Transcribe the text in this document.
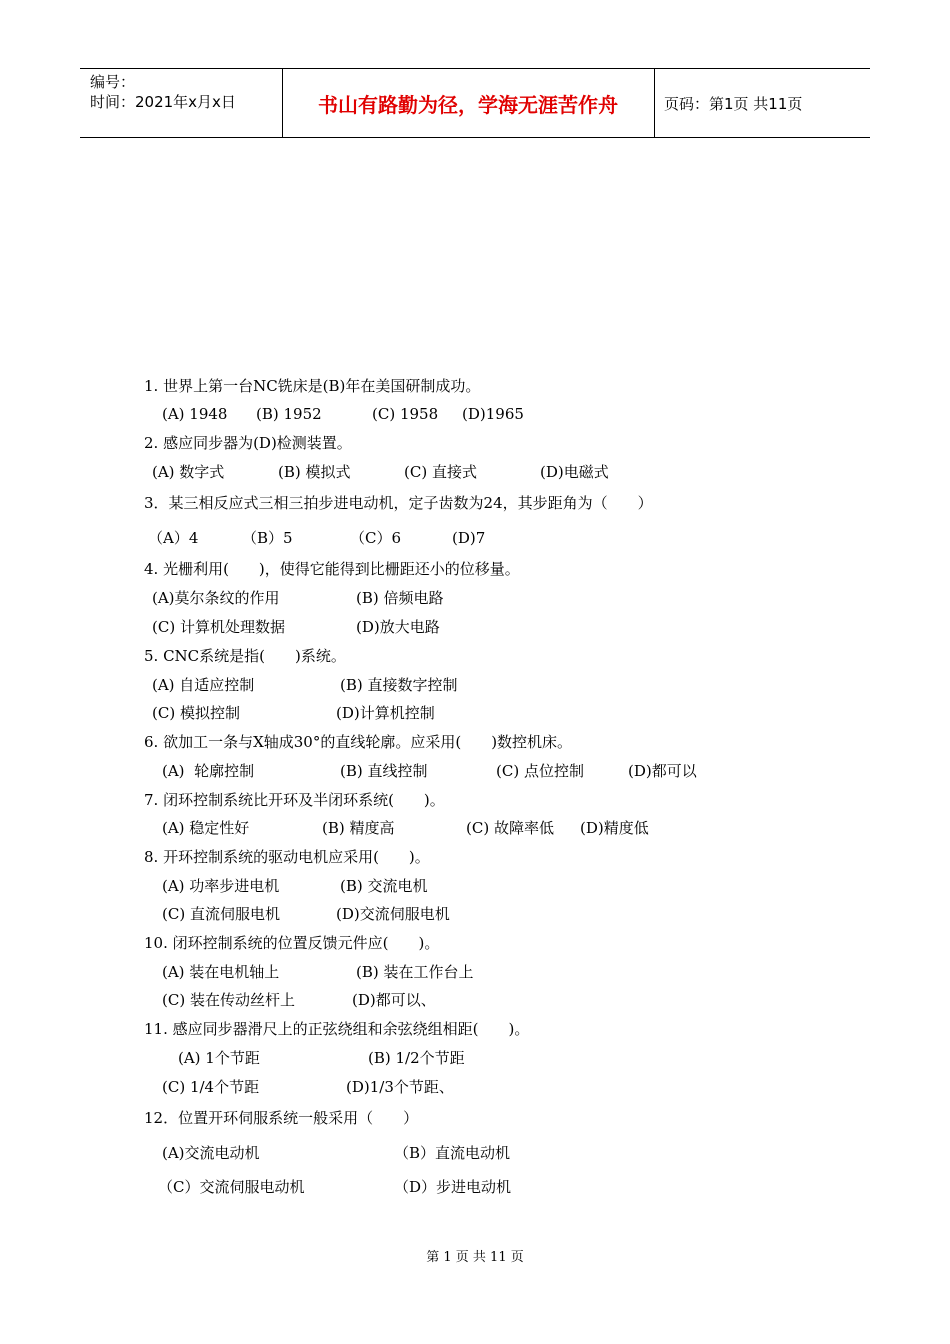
编号：
时间：2021年x月x日	书山有路勤为径，学海无涯苦作舟	页码：第1页 共11页
1. 世界上第一台NC铣床是(B)年在美国研制成功。
(A) 1948 (B) 1952	(C) 1958 (D)1965
2. 感应同步器为(D)检测装置。
(A) 数字式	(B) 模拟式	(C) 直接式	(D)电磁式
3．某三相反应式三相三拍步进电动机，定子齿数为24，其步距角为（　　）
（A）4	（B）5	（C）6	(D)7
4. 光栅利用(　　)，使得它能得到比栅距还小的位移量。
(A)莫尔条纹的作用	(B) 倍频电路
(C) 计算机处理数据	(D)放大电路
5. CNC系统是指(　　)系统。
(A) 自适应控制	(B) 直接数字控制
(C) 模拟控制	(D)计算机控制
6. 欲加工一条与X轴成30°的直线轮廓。应采用(　　)数控机床。
(A)  轮廓控制	(B) 直线控制	(C) 点位控制	(D)都可以
7. 闭环控制系统比开环及半闭环系统(　　)。
(A) 稳定性好	(B) 精度高	(C) 故障率低 (D)精度低
8. 开环控制系统的驱动电机应采用(　　)。
(A) 功率步进电机	(B) 交流电机
(C) 直流伺服电机	(D)交流伺服电机
10. 闭环控制系统的位置反馈元件应(　　)。
(A) 装在电机轴上	(B) 装在工作台上
(C) 装在传动丝杆上	(D)都可以、
11. 感应同步器滑尺上的正弦绕组和余弦绕组相距(　　)。
(A) 1个节距	(B) 1/2个节距
(C) 1/4个节距	(D)1/3个节距、
12．位置开环伺服系统一般采用（　　）
(A)交流电动机	（B）直流电动机
（C）交流伺服电动机	（D）步进电动机
第 1 页 共 11 页
